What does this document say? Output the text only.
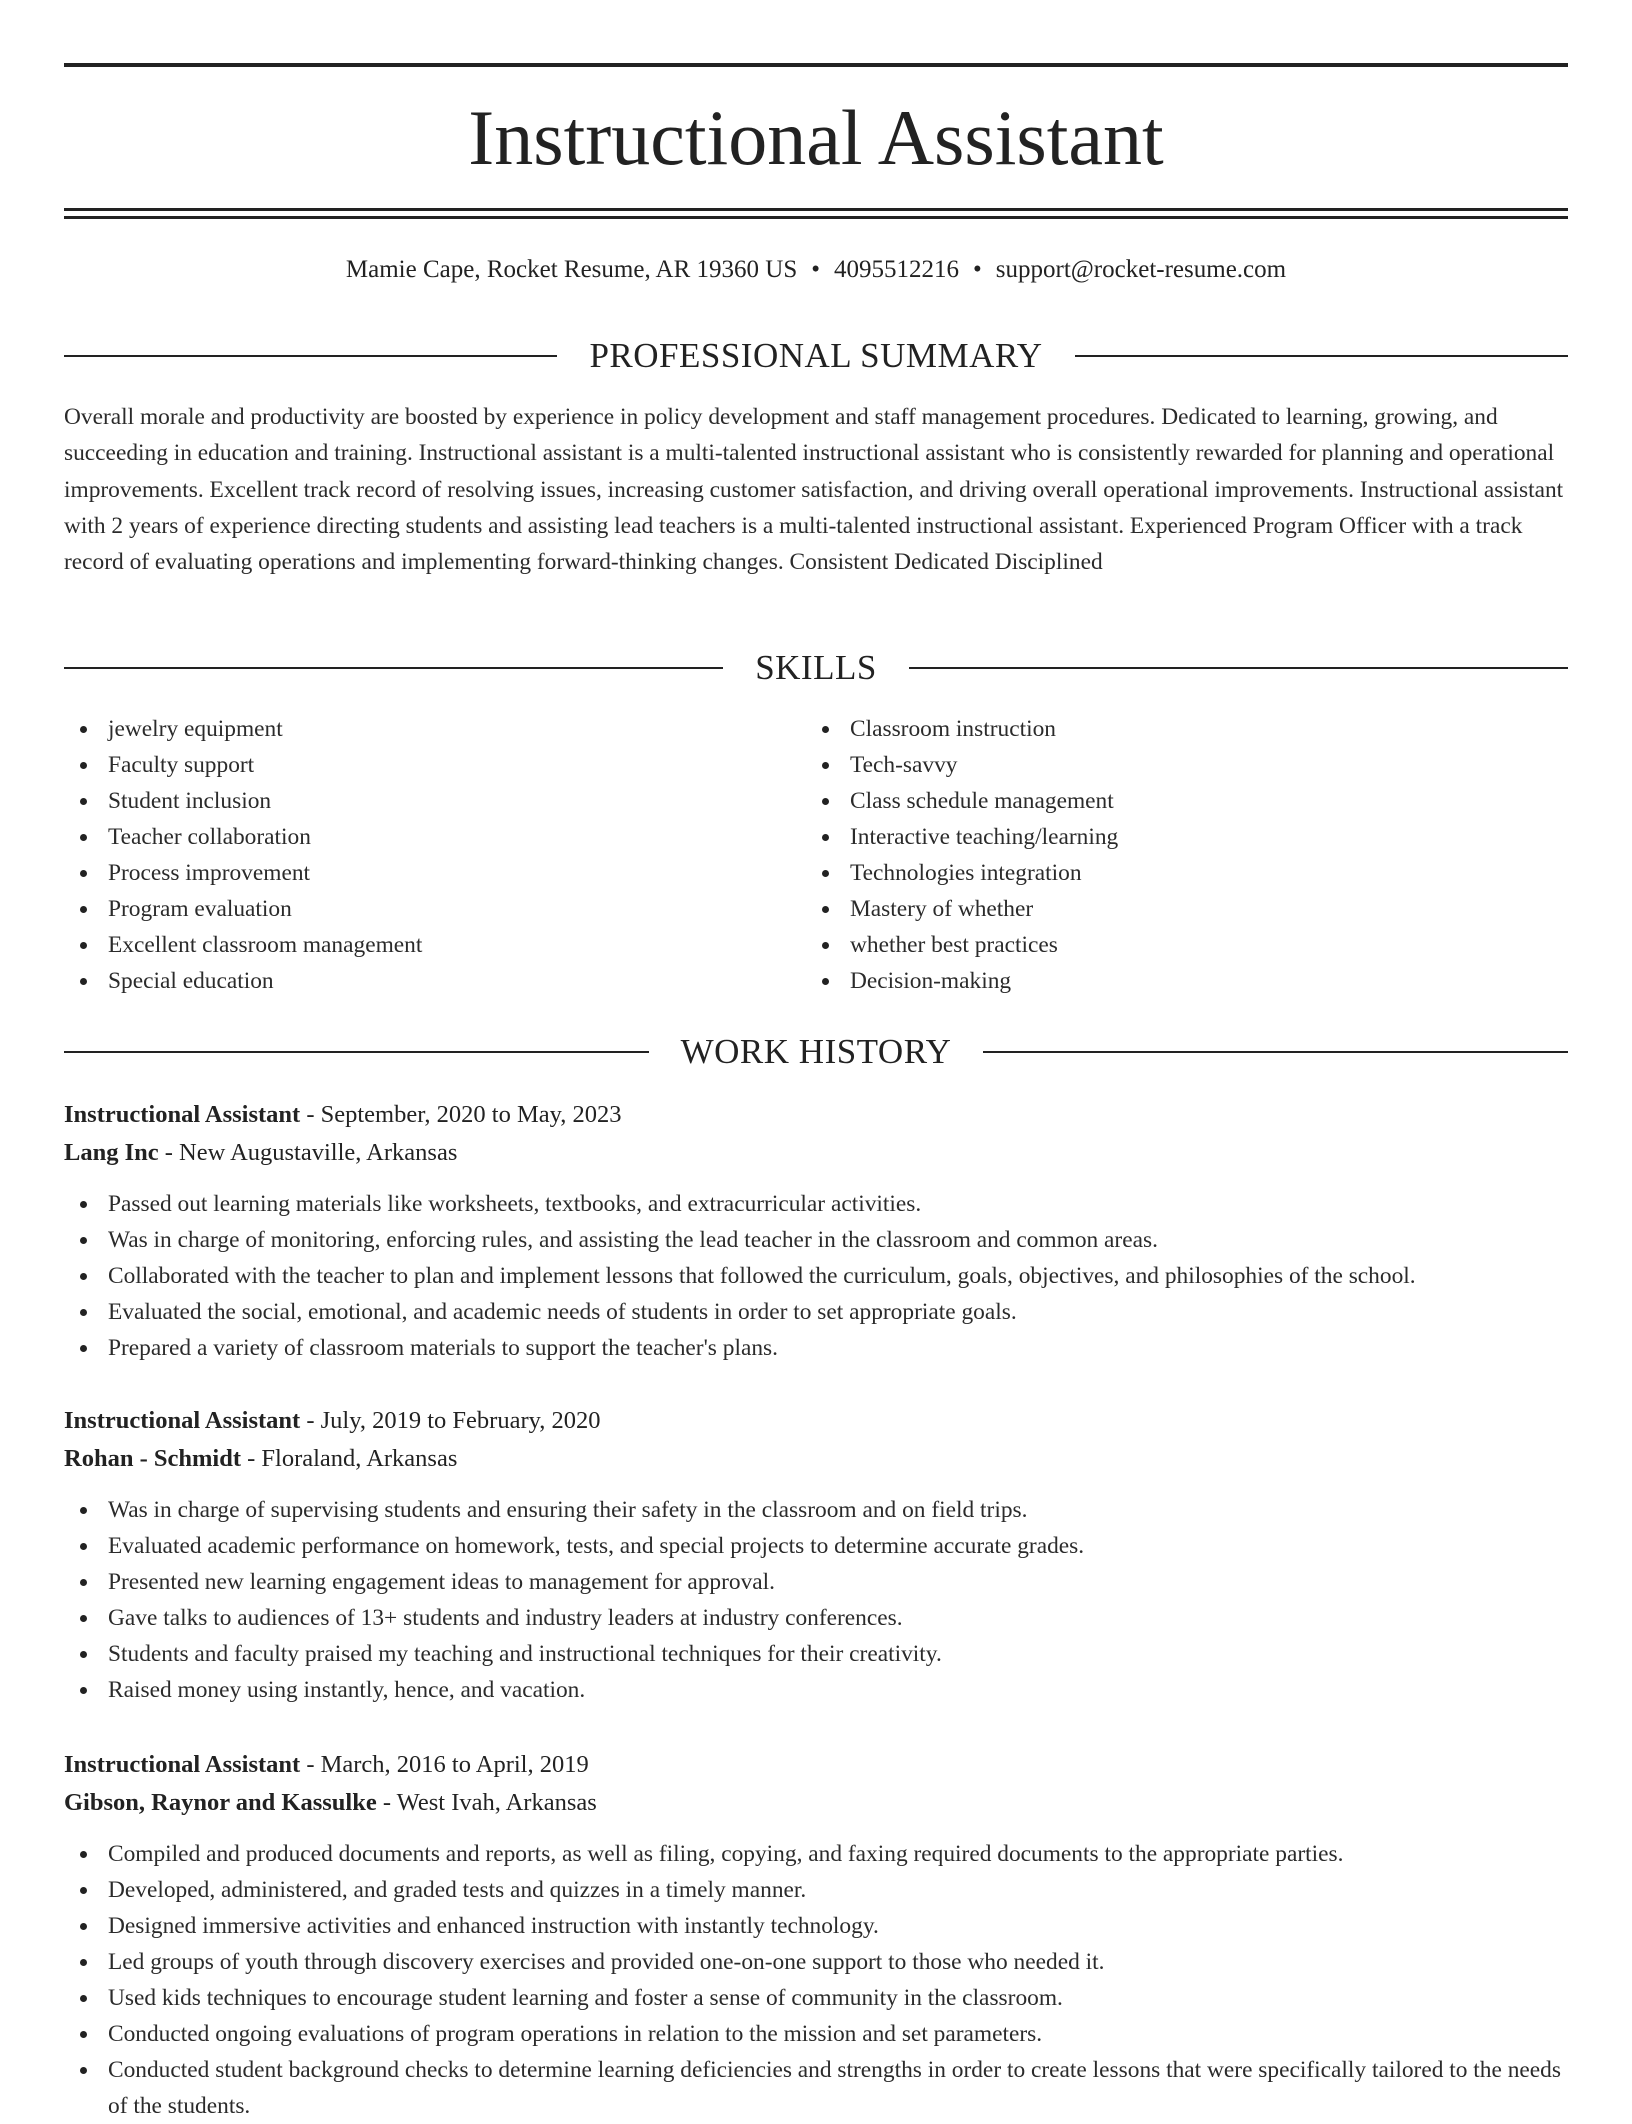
Instructional Assistant
Mamie Cape, Rocket Resume, AR 19360 US • 4095512216 • support@rocket-resume.com
PROFESSIONAL SUMMARY

Overall morale and productivity are boosted by experience in policy development and staff management procedures. Dedicated to learning, growing, and succeeding in education and training. Instructional assistant is a multi-talented instructional assistant who is consistently rewarded for planning and operational improvements. Excellent track record of resolving issues, increasing customer satisfaction, and driving overall operational improvements. Instructional assistant with 2 years of experience directing students and assisting lead teachers is a multi-talented instructional assistant. Experienced Program Officer with a track record of evaluating operations and implementing forward-thinking changes. Consistent Dedicated Disciplined

SKILLS
jewelry equipment
Faculty support
Student inclusion
Teacher collaboration
Process improvement
Program evaluation
Excellent classroom management
Special education
Classroom instruction
Tech-savvy
Class schedule management
Interactive teaching/learning
Technologies integration
Mastery of whether
whether best practices
Decision-making
WORK HISTORY
Instructional Assistant - September, 2020 to May, 2023
Lang Inc - New Augustaville, Arkansas
Passed out learning materials like worksheets, textbooks, and extracurricular activities.
Was in charge of monitoring, enforcing rules, and assisting the lead teacher in the classroom and common areas.
Collaborated with the teacher to plan and implement lessons that followed the curriculum, goals, objectives, and philosophies of the school.
Evaluated the social, emotional, and academic needs of students in order to set appropriate goals.
Prepared a variety of classroom materials to support the teacher's plans.
Instructional Assistant - July, 2019 to February, 2020
Rohan - Schmidt - Floraland, Arkansas
Was in charge of supervising students and ensuring their safety in the classroom and on field trips.
Evaluated academic performance on homework, tests, and special projects to determine accurate grades.
Presented new learning engagement ideas to management for approval.
Gave talks to audiences of 13+ students and industry leaders at industry conferences.
Students and faculty praised my teaching and instructional techniques for their creativity.
Raised money using instantly, hence, and vacation.
Instructional Assistant - March, 2016 to April, 2019
Gibson, Raynor and Kassulke - West Ivah, Arkansas
Compiled and produced documents and reports, as well as filing, copying, and faxing required documents to the appropriate parties.
Developed, administered, and graded tests and quizzes in a timely manner.
Designed immersive activities and enhanced instruction with instantly technology.
Led groups of youth through discovery exercises and provided one-on-one support to those who needed it.
Used kids techniques to encourage student learning and foster a sense of community in the classroom.
Conducted ongoing evaluations of program operations in relation to the mission and set parameters.
Conducted student background checks to determine learning deficiencies and strengths in order to create lessons that were specifically tailored to the needs of the students.
